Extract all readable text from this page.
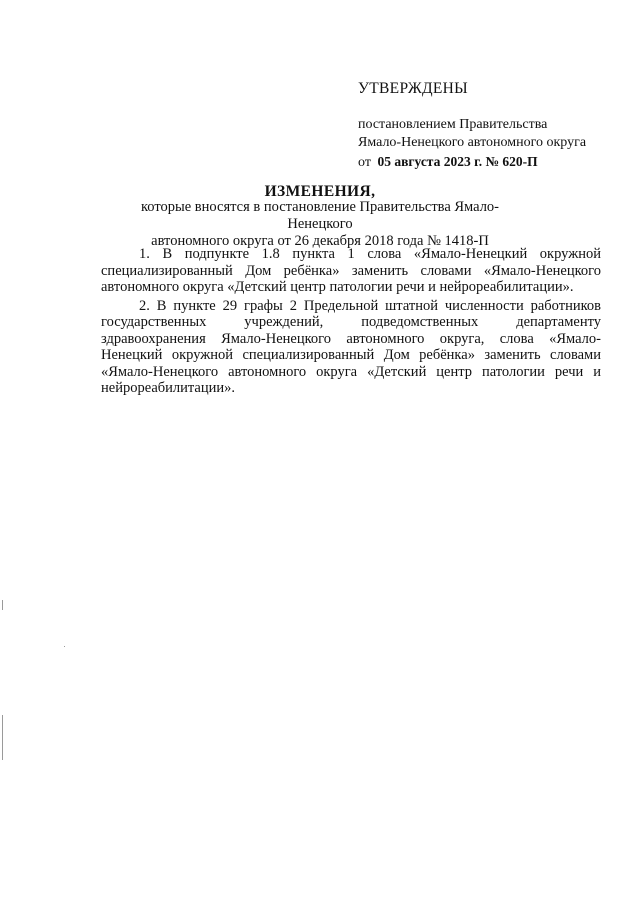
УТВЕРЖДЕНЫ
постановлением Правительства
Ямало-Ненецкого автономного округа
от 05 августа 2023 г. № 620-П
ИЗМЕНЕНИЯ,
которые вносятся в постановление Правительства Ямало-Ненецкого
автономного округа от 26 декабря 2018 года № 1418-П

1. В подпункте 1.8 пункта 1 слова «Ямало-Ненецкий окружной специализированный Дом ребёнка» заменить словами «Ямало-Ненецкого автономного округа «Детский центр патологии речи и нейрореабилитации».

2. В пункте 29 графы 2 Предельной штатной численности работников государственных учреждений, подведомственных департаменту здравоохранения Ямало-Ненецкого автономного округа, слова «Ямало-Ненецкий окружной специализированный Дом ребёнка» заменить словами «Ямало-Ненецкого автономного округа «Детский центр патологии речи и нейрореабилитации».
